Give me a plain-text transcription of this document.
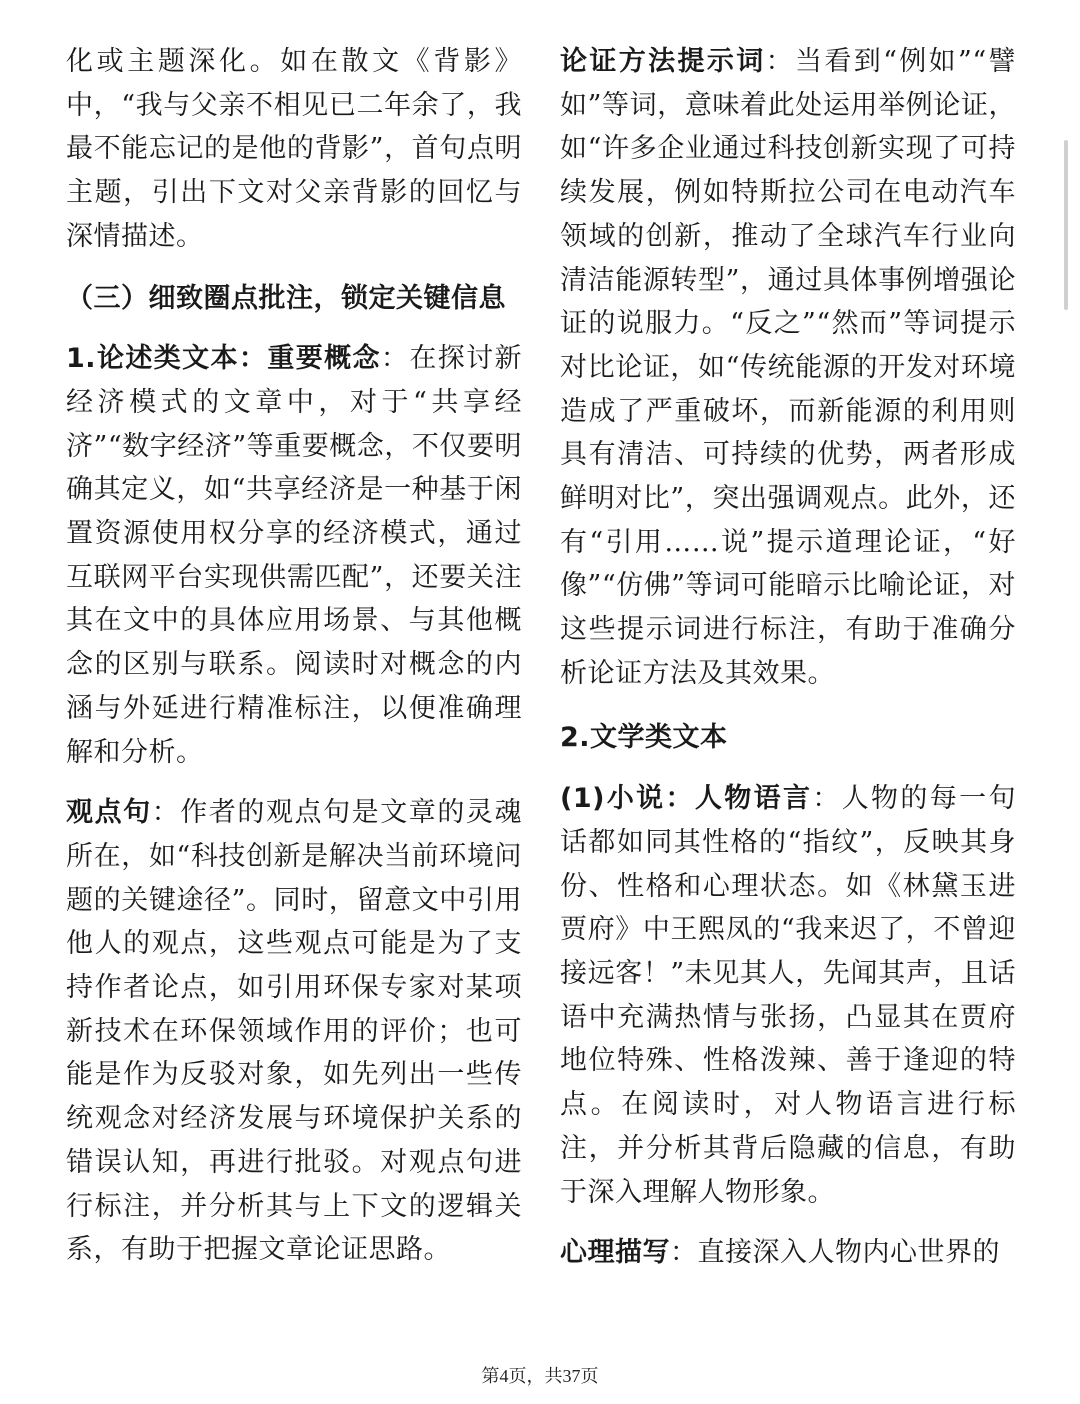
化或主题深化。如在散文《背影》中，“我与父亲不相见已二年余了，我最不能忘记的是他的背影”，首句点明主题，引出下文对父亲背影的回忆与深情描述。

（三）细致圈点批注，锁定关键信息

1.论述类文本：重要概念：在探讨新经济模式的文章中，对于“共享经济”“数字经济”等重要概念，不仅要明确其定义，如“共享经济是一种基于闲置资源使用权分享的经济模式，通过互联网平台实现供需匹配”，还要关注其在文中的具体应用场景、与其他概念的区别与联系。阅读时对概念的内涵与外延进行精准标注，以便准确理解和分析。

观点句：作者的观点句是文章的灵魂所在，如“科技创新是解决当前环境问题的关键途径”。同时，留意文中引用他人的观点，这些观点可能是为了支持作者论点，如引用环保专家对某项新技术在环保领域作用的评价；也可能是作为反驳对象，如先列出一些传统观念对经济发展与环境保护关系的错误认知，再进行批驳。对观点句进行标注，并分析其与上下文的逻辑关系，有助于把握文章论证思路。

论证方法提示词：当看到“例如”“譬如”等词，意味着此处运用举例论证，如“许多企业通过科技创新实现了可持续发展，例如特斯拉公司在电动汽车领域的创新，推动了全球汽车行业向清洁能源转型”，通过具体事例增强论证的说服力。“反之”“然而”等词提示对比论证，如“传统能源的开发对环境造成了严重破坏，而新能源的利用则具有清洁、可持续的优势，两者形成鲜明对比”，突出强调观点。此外，还有“引用……说”提示道理论证，“好像”“仿佛”等词可能暗示比喻论证，对这些提示词进行标注，有助于准确分析论证方法及其效果。

2.文学类文本

(1)小说：人物语言：人物的每一句话都如同其性格的“指纹”，反映其身份、性格和心理状态。如《林黛玉进贾府》中王熙凤的“我来迟了，不曾迎接远客！”未见其人，先闻其声，且话语中充满热情与张扬，凸显其在贾府地位特殊、性格泼辣、善于逢迎的特点。在阅读时，对人物语言进行标注，并分析其背后隐藏的信息，有助于深入理解人物形象。

心理描写：直接深入人物内心世界的

第4页，共37页
